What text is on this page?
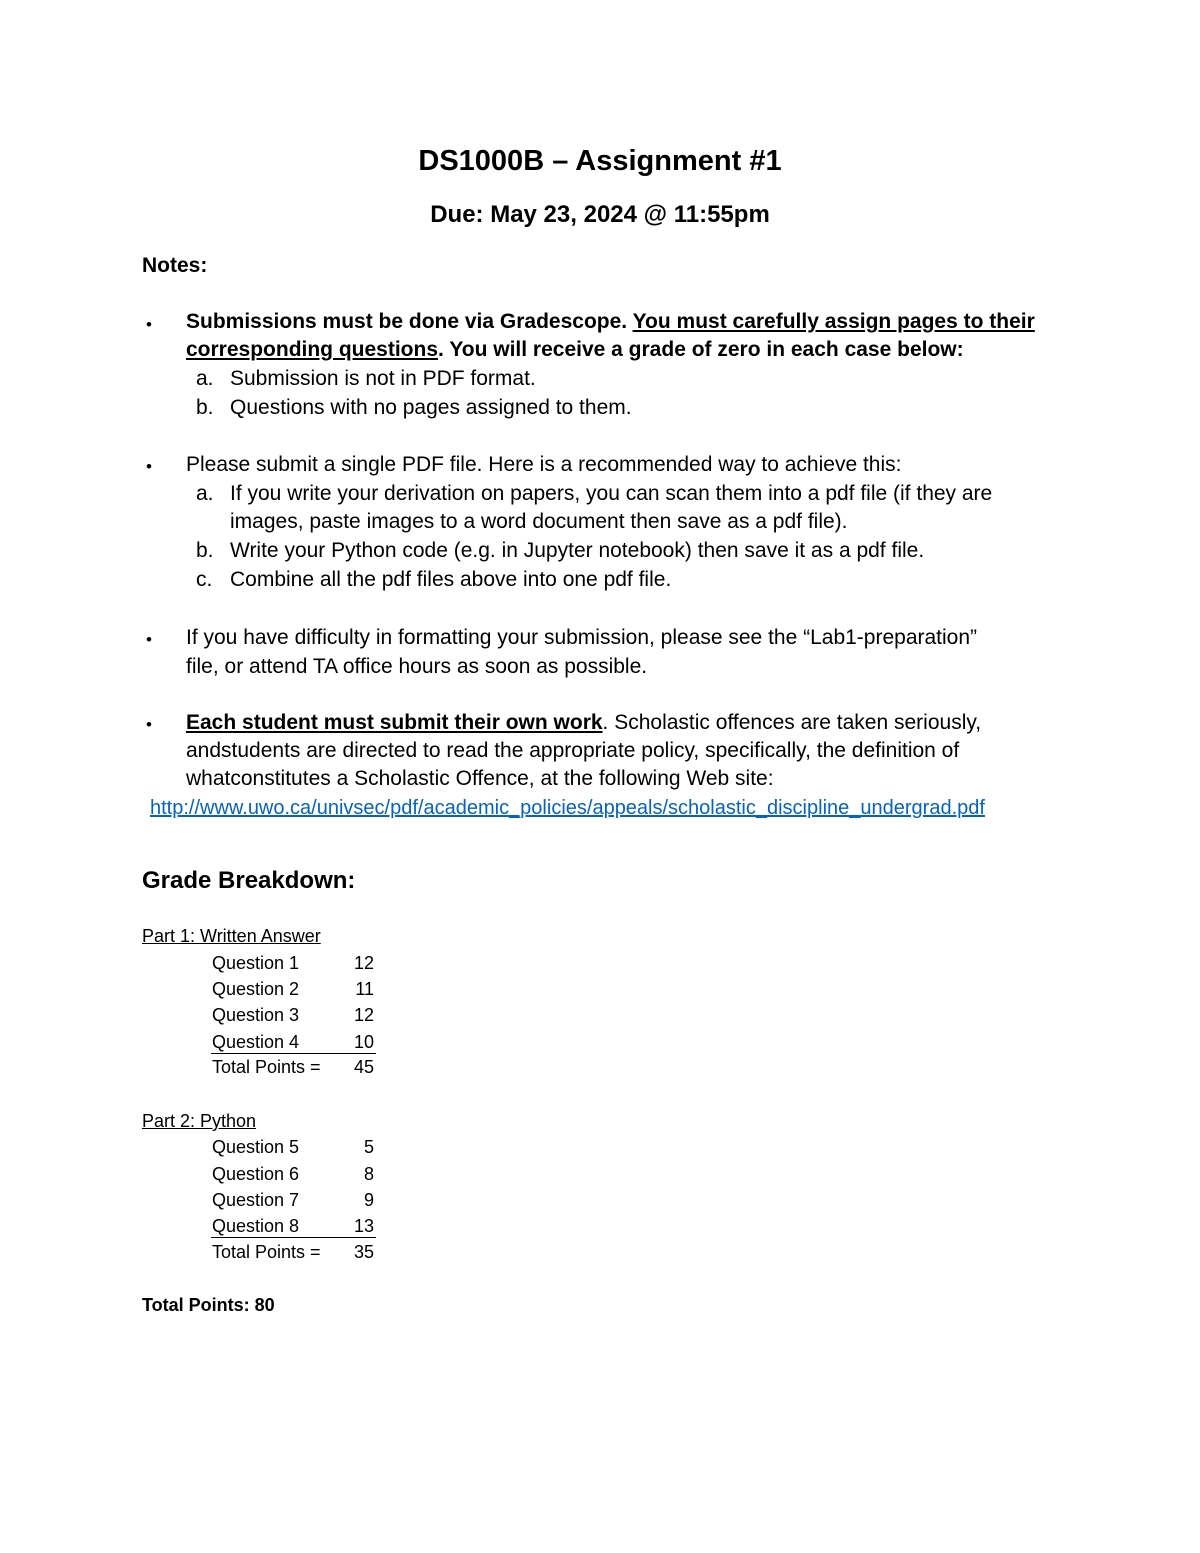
DS1000B – Assignment #1
Due: May 23, 2024 @ 11:55pm
Notes:
• Submissions must be done via Gradescope. You must carefully assign pages to their
corresponding questions. You will receive a grade of zero in each case below:
a. Submission is not in PDF format.
b. Questions with no pages assigned to them.
• Please submit a single PDF file. Here is a recommended way to achieve this:
a. If you write your derivation on papers, you can scan them into a pdf file (if they are
images, paste images to a word document then save as a pdf file).
b. Write your Python code (e.g. in Jupyter notebook) then save it as a pdf file.
c. Combine all the pdf files above into one pdf file.
• If you have difficulty in formatting your submission, please see the “Lab1-preparation”
file, or attend TA office hours as soon as possible.
• Each student must submit their own work. Scholastic offences are taken seriously,
andstudents are directed to read the appropriate policy, specifically, the definition of
whatconstitutes a Scholastic Offence, at the following Web site:
http://www.uwo.ca/univsec/pdf/academic_policies/appeals/scholastic_discipline_undergrad.pdf
Grade Breakdown:
Part 1: Written Answer
Question 1	12
Question 2	11
Question 3	12
Question 4	10
Total Points =	45
Part 2: Python
Question 5	5
Question 6	8
Question 7	9
Question 8	13
Total Points =	35
Total Points: 80
